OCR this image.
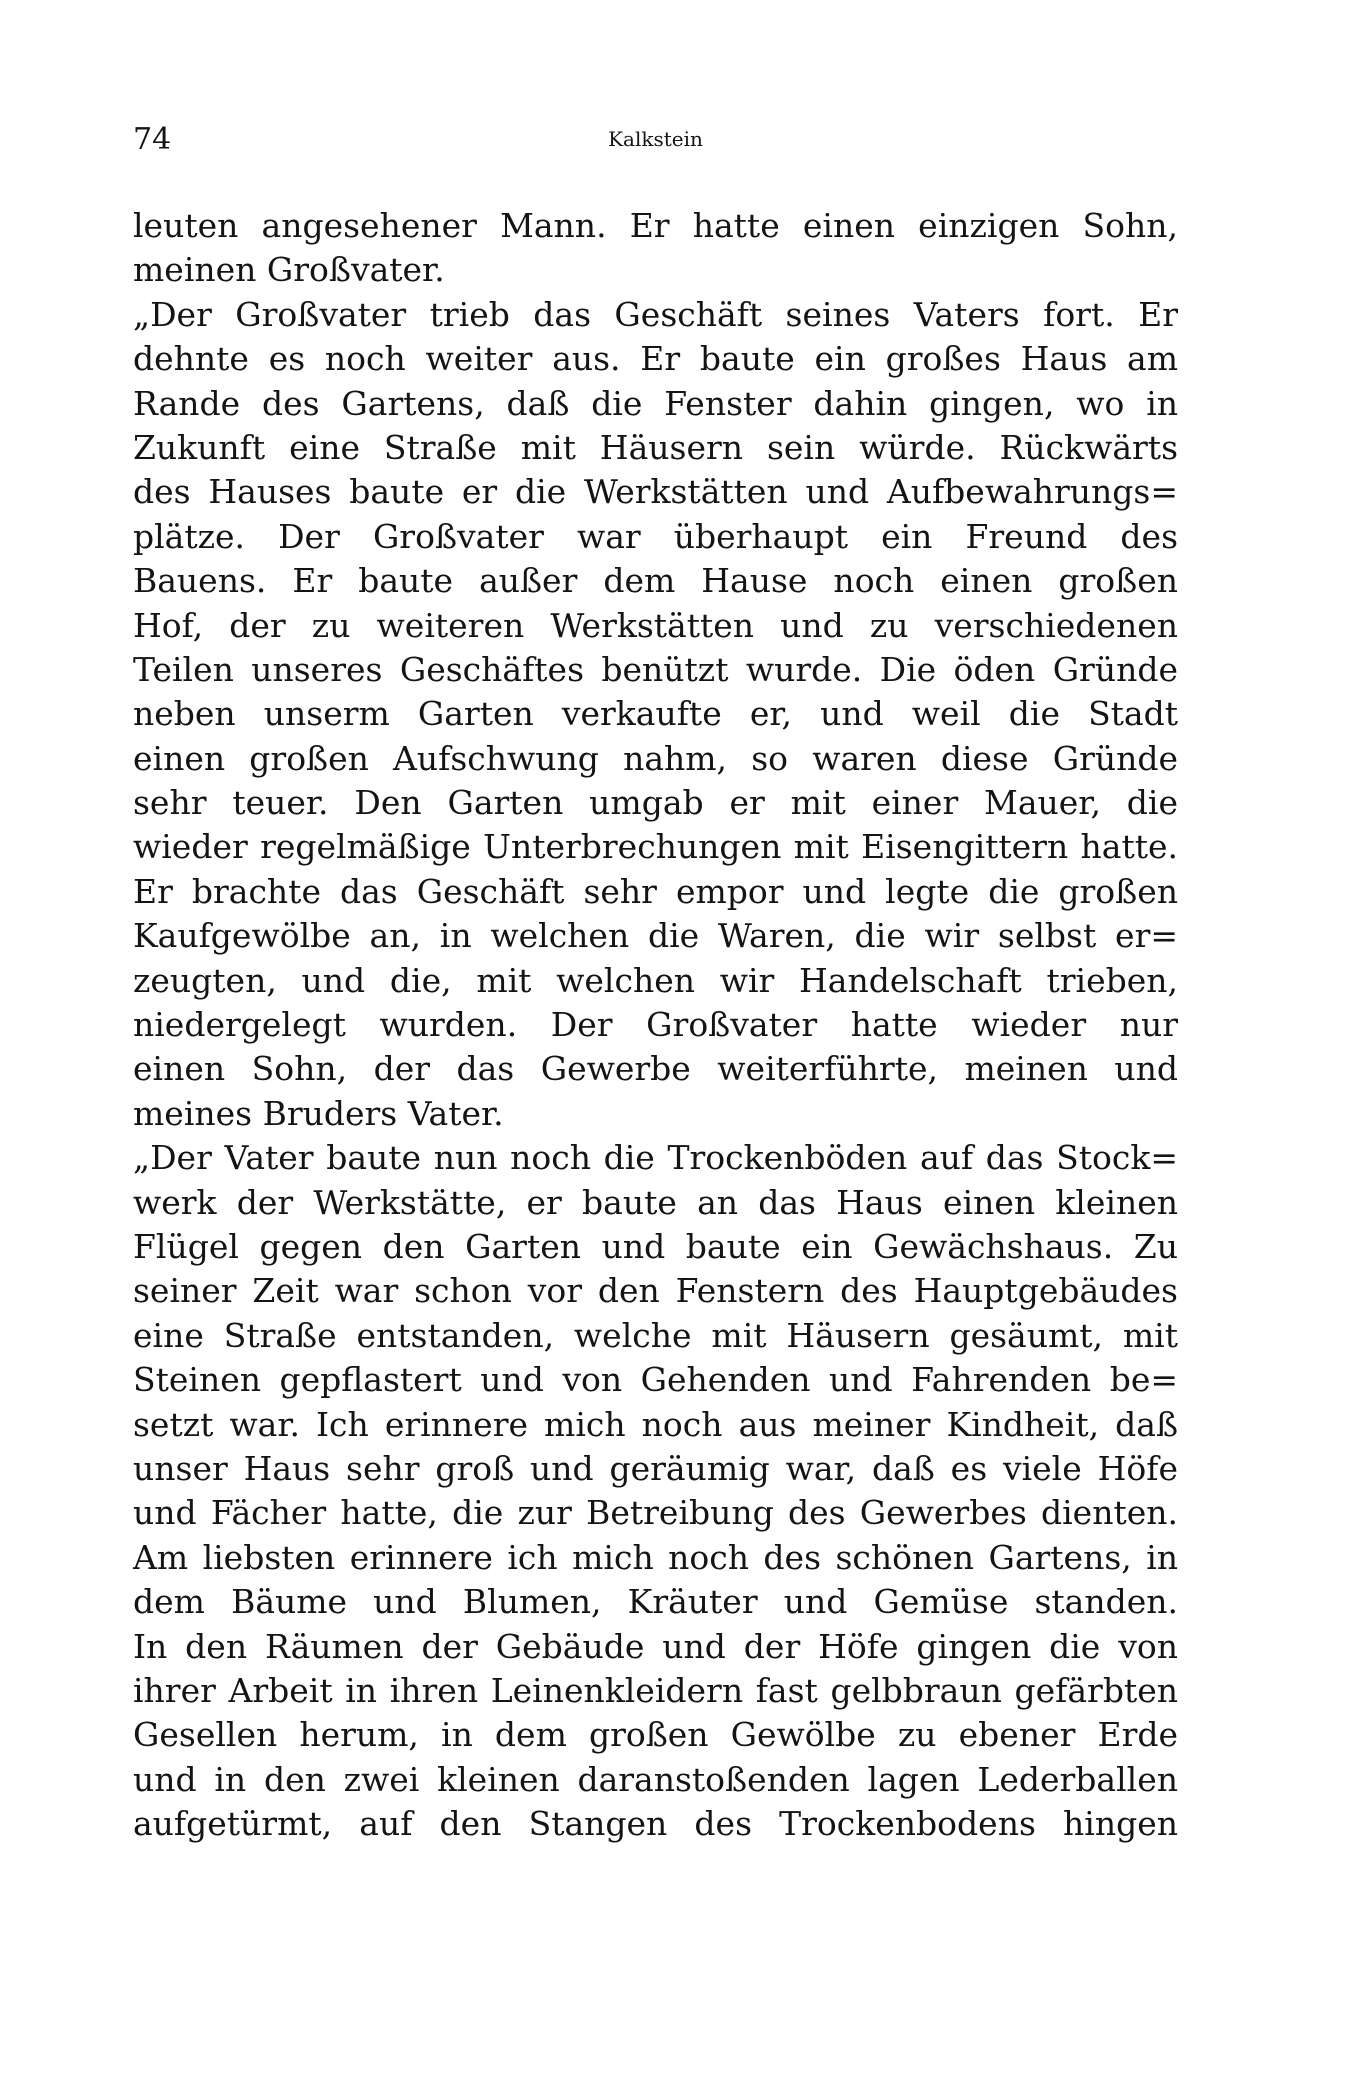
74	Kalkstein
leuten angesehener Mann. Er hatte einen einzigen Sohn,
meinen Großvater.
„Der Großvater trieb das Geschäft seines Vaters fort. Er
dehnte es noch weiter aus. Er baute ein großes Haus am
Rande des Gartens, daß die Fenster dahin gingen, wo in
Zukunft eine Straße mit Häusern sein würde. Rückwärts
des Hauses baute er die Werkstätten und Aufbewahrungs=
plätze. Der Großvater war überhaupt ein Freund des
Bauens. Er baute außer dem Hause noch einen großen
Hof, der zu weiteren Werkstätten und zu verschiedenen
Teilen unseres Geschäftes benützt wurde. Die öden Gründe
neben unserm Garten verkaufte er, und weil die Stadt
einen großen Aufschwung nahm, so waren diese Gründe
sehr teuer. Den Garten umgab er mit einer Mauer, die
wieder regelmäßige Unterbrechungen mit Eisengittern hatte.
Er brachte das Geschäft sehr empor und legte die großen
Kaufgewölbe an, in welchen die Waren, die wir selbst er=
zeugten, und die, mit welchen wir Handelschaft trieben,
niedergelegt wurden. Der Großvater hatte wieder nur
einen Sohn, der das Gewerbe weiterführte, meinen und
meines Bruders Vater.
„Der Vater baute nun noch die Trockenböden auf das Stock=
werk der Werkstätte, er baute an das Haus einen kleinen
Flügel gegen den Garten und baute ein Gewächshaus. Zu
seiner Zeit war schon vor den Fenstern des Hauptgebäudes
eine Straße entstanden, welche mit Häusern gesäumt, mit
Steinen gepflastert und von Gehenden und Fahrenden be=
setzt war. Ich erinnere mich noch aus meiner Kindheit, daß
unser Haus sehr groß und geräumig war, daß es viele Höfe
und Fächer hatte, die zur Betreibung des Gewerbes dienten.
Am liebsten erinnere ich mich noch des schönen Gartens, in
dem Bäume und Blumen, Kräuter und Gemüse standen.
In den Räumen der Gebäude und der Höfe gingen die von
ihrer Arbeit in ihren Leinenkleidern fast gelbbraun gefärbten
Gesellen herum, in dem großen Gewölbe zu ebener Erde
und in den zwei kleinen daranstoßenden lagen Lederballen
aufgetürmt, auf den Stangen des Trockenbodens hingen
